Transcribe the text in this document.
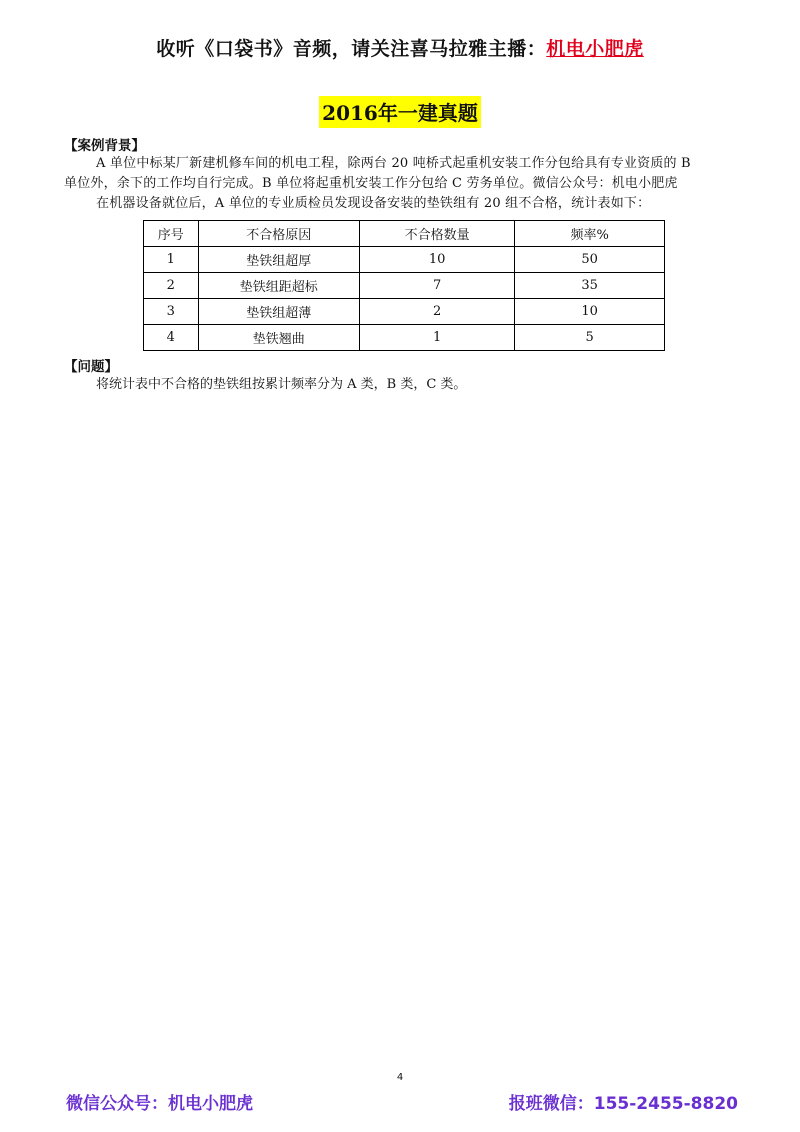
收听《口袋书》音频，请关注喜马拉雅主播：机电小肥虎
2016年一建真题
【案例背景】
A 单位中标某厂新建机修车间的机电工程，除两台 20 吨桥式起重机安装工作分包给具有专业资质的 B
单位外，余下的工作均自行完成。B 单位将起重机安装工作分包给 C 劳务单位。微信公众号：机电小肥虎
在机器设备就位后，A 单位的专业质检员发现设备安装的垫铁组有 20 组不合格，统计表如下：
序号	不合格原因	不合格数量	频率%
1	垫铁组超厚	10	50
2	垫铁组距超标	7	35
3	垫铁组超薄	2	10
4	垫铁翘曲	1	5
【问题】
将统计表中不合格的垫铁组按累计频率分为 A 类，B 类，C 类。
4
微信公众号：机电小肥虎	报班微信：155-2455-8820
